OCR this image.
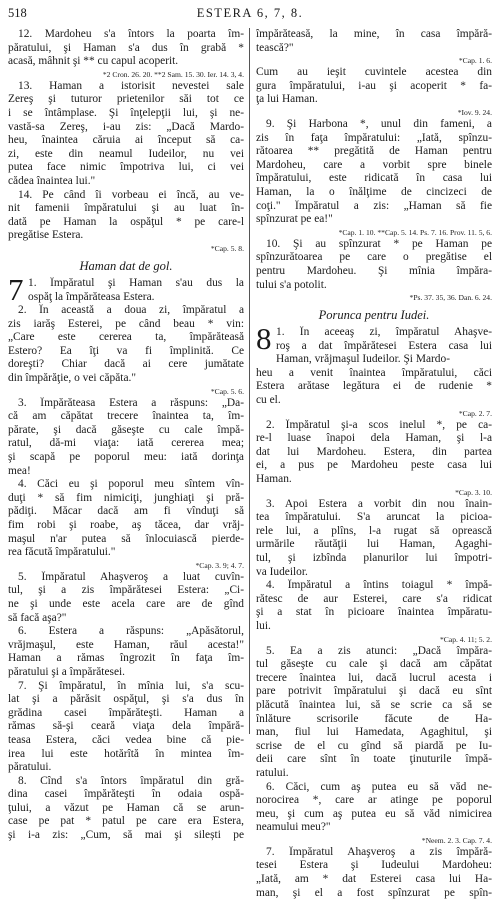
518	ESTERA 6, 7, 8.
12. Mardoheu s'a întors la poarta îm-
păratului, şi Haman s'a dus în grabă *
acasă, mâhnit şi ** cu capul acoperit.
*2 Cron. 26. 20. **2 Sam. 15. 30. Ier. 14. 3, 4.
13. Haman a istorisit nevestei sale
Zereş şi tuturor prietenilor săi tot ce
i se întâmplase. Şi înţelepţii lui, şi ne-
vastă-sa Zereş, i-au zis: „Dacă Mardo-
heu, înaintea căruia ai început să ca-
zi, este din neamul Iudeilor, nu vei
putea face nimic împotriva lui, ci vei
cădea înaintea lui."
14. Pe când îi vorbeau ei încă, au ve-
nit famenii împăratului şi au luat în-
dată pe Haman la ospăţul * pe care-l
pregătise Estera.
*Cap. 5. 8.
Haman dat de gol.
7 1. Împăratul şi Haman s'au dus la
ospăţ la împărăteasa Estera.
2. În aceastǎ a doua zi, împăratul a
zis iarăş Esterei, pe când beau * vin:
„Care este cererea ta, împărăteasă
Estero? Ea îţi va fi împlinită. Ce
doreşti? Chiar dacă ai cere jumătate
din împărăţie, o vei căpăta."
*Cap. 5. 6.
3. Împărăteasa Estera a răspuns: „Da-
că am căpătat trecere înaintea ta, îm-
părate, şi dacă găseşte cu cale împă-
ratul, dă-mi viaţa: iată cererea mea;
şi scapă pe poporul meu: iată dorinţa
mea!
4. Căci eu şi poporul meu sîntem vîn-
duţi * să fim nimiciţi, junghiaţi şi pră-
pădiţi. Măcar dacă am fi vînduţi să
fim robi şi roabe, aş tăcea, dar vrăj-
maşul n'ar putea să înlocuiască pierde-
rea făcută împăratului."
*Cap. 3. 9; 4. 7.
5. Împăratul Ahaşveroş a luat cuvîn-
tul, şi a zis împărătesei Estera: „Ci-
ne şi unde este acela care are de gînd
să facă aşa?"
6. Estera a răspuns: „Apăsătorul,
vrăjmaşul, este Haman, răul acesta!"
Haman a rămas îngrozit în faţa îm-
păratului şi a împărătesei.
7. Şi împăratul, în mînia lui, s'a scu-
lat şi a părăsit ospăţul, şi s'a dus în
grădina casei împărăteşti. Haman a
rămas să-şi ceară viaţa dela împără-
teasa Estera, căci vedea bine că pie-
irea lui este hotărîtă în mintea îm-
păratului.
8. Cînd s'a întors împăratul din gră-
dina casei împărăteşti în odaia ospă-
ţului, a văzut pe Haman că se arun-
case pe pat * patul pe care era Estera,
şi i-a zis: „Cum, să mai şi silești pe
împărăteasă, la mine, în casa împără-
tească?"
*Cap. 1. 6.
Cum au ieşit cuvintele acestea din
gura împăratului, i-au şi acoperit * fa-
ţa lui Haman.
*Iov. 9. 24.
9. Şi Harbona *, unul din fameni, a
zis în faţa împăratului: „Iată, spînzu-
rătoarea ** pregătită de Haman pentru
Mardoheu, care a vorbit spre binele
împăratului, este ridicată în casa lui
Haman, la o înălţime de cincizeci de
coţi." Împăratul a zis: „Haman să fie
spînzurat pe ea!"
*Cap. 1. 10. **Cap. 5. 14. Ps. 7. 16. Prov. 11. 5, 6.
10. Şi au spînzurat * pe Haman pe
spînzurătoarea pe care o pregătise el
pentru Mardoheu. Şi mînia împăra-
tului s'a potolit.
*Ps. 37. 35, 36. Dan. 6. 24.
Porunca pentru Iudei.
8 1. În aceeaş zi, împăratul Ahaşve-
roş a dat împărătesei Estera casa lui
Haman, vrăjmaşul Iudeilor. Şi Mardo-
heu a venit înaintea împăratului, căci
Estera arătase legătura ei de rudenie *
cu el.
*Cap. 2. 7.
2. Împăratul şi-a scos inelul *, pe ca-
re-l luase înapoi dela Haman, şi l-a
dat lui Mardoheu. Estera, din partea
ei, a pus pe Mardoheu peste casa lui
Haman.
*Cap. 3. 10.
3. Apoi Estera a vorbit din nou înain-
tea împăratului. S'a aruncat la picioa-
rele lui, a plîns, l-a rugat să oprească
urmările răutăţii lui Haman, Agaghi-
tul, şi izbînda planurilor lui împotri-
va Iudeilor.
4. Împăratul a întins toiagul * împă-
rătesc de aur Esterei, care s'a ridicat
şi a stat în picioare înaintea împăratu-
lui.
*Cap. 4. 11; 5. 2.
5. Ea a zis atunci: „Dacă împăra-
tul găseşte cu cale şi dacă am căpătat
trecere înaintea lui, dacă lucrul acesta i
pare potrivit împăratului şi dacă eu sînt
plăcută înaintea lui, să se scrie ca să se
înlăture scrisorile făcute de Ha-
man, fiul lui Hamedata, Agaghitul, şi
scrise de el cu gînd să piardă pe Iu-
deii care sînt în toate ţinuturile împă-
ratului.
6. Căci, cum aş putea eu să văd ne-
norocirea *, care ar atinge pe poporul
meu, şi cum aş putea eu să văd nimicirea
neamului meu?"
*Neem. 2. 3. Cap. 7. 4.
7. Împăratul Ahaşveroş a zis împără-
tesei Estera şi Iudeului Mardoheu:
„Iată, am * dat Esterei casa lui Ha-
man, şi el a fost spînzurat pe spîn-
